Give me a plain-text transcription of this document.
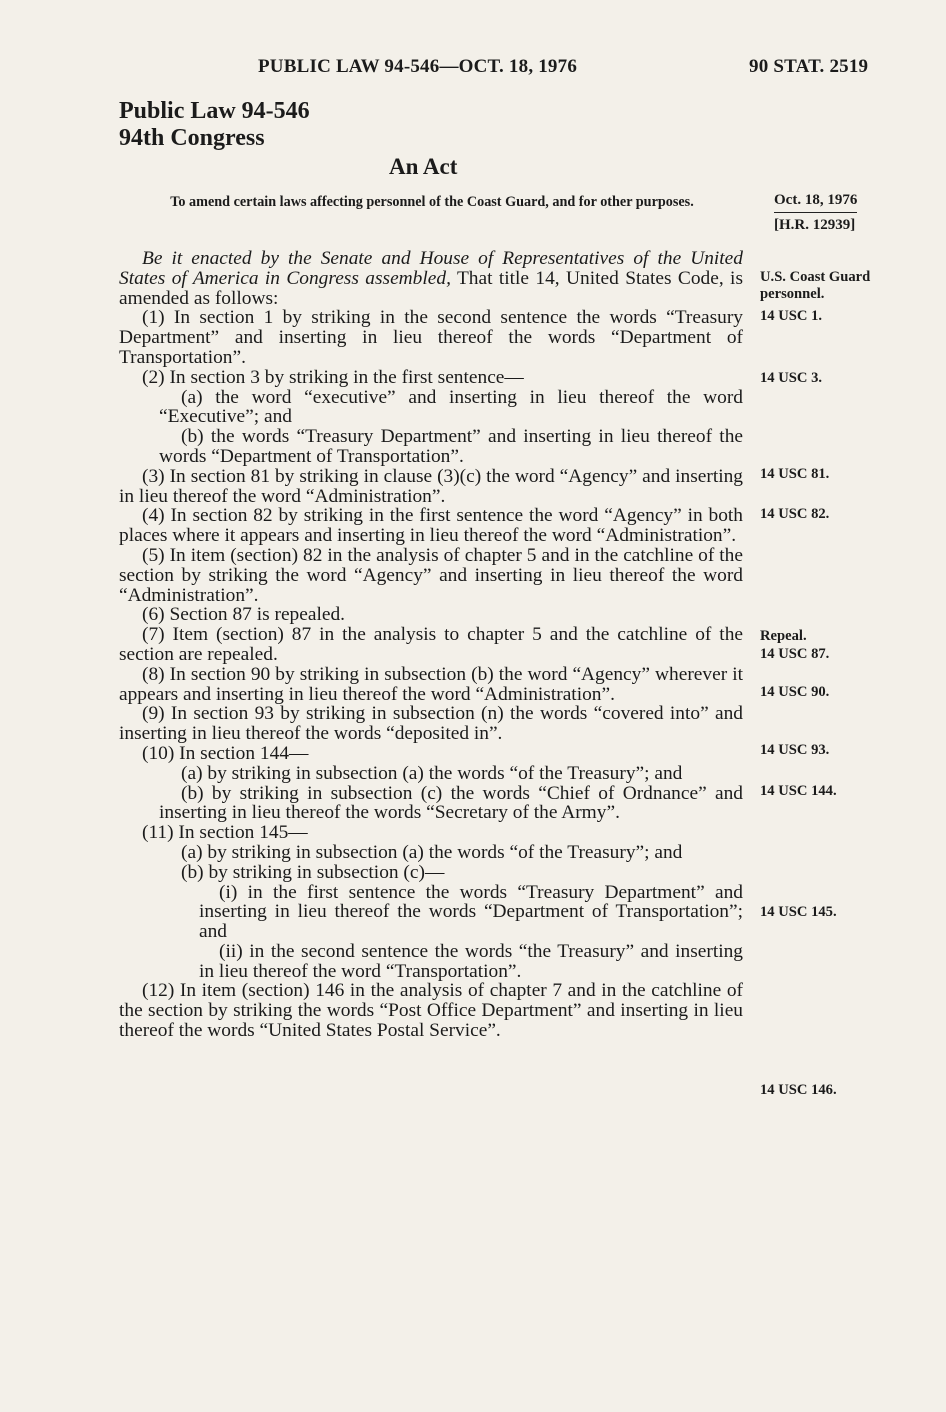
PUBLIC LAW 94-546—OCT. 18, 1976	90 STAT. 2519
Public Law 94-546
94th Congress
An Act
To amend certain laws affecting personnel of the Coast Guard, and for other purposes.	Oct. 18, 1976
[H.R. 12939]

Be it enacted by the Senate and House of Representatives of the United States of America in Congress assembled, That title 14, United States Code, is amended as follows:

(1) In section 1 by striking in the second sentence the words “Treasury Department” and inserting in lieu thereof the words “Department of Transportation”.

(2) In section 3 by striking in the first sentence—

(a) the word “executive” and inserting in lieu thereof the word “Executive”; and

(b) the words “Treasury Department” and inserting in lieu thereof the words “Department of Transportation”.

(3) In section 81 by striking in clause (3)(c) the word “Agency” and inserting in lieu thereof the word “Administration”.

(4) In section 82 by striking in the first sentence the word “Agency” in both places where it appears and inserting in lieu thereof the word “Administration”.

(5) In item (section) 82 in the analysis of chapter 5 and in the catchline of the section by striking the word “Agency” and inserting in lieu thereof the word “Administration”.

(6) Section 87 is repealed.

(7) Item (section) 87 in the analysis to chapter 5 and the catchline of the section are repealed.

(8) In section 90 by striking in subsection (b) the word “Agency” wherever it appears and inserting in lieu thereof the word “Administration”.

(9) In section 93 by striking in subsection (n) the words “covered into” and inserting in lieu thereof the words “deposited in”.

(10) In section 144—

(a) by striking in subsection (a) the words “of the Treasury”; and

(b) by striking in subsection (c) the words “Chief of Ordnance” and inserting in lieu thereof the words “Secretary of the Army”.

(11) In section 145—

(a) by striking in subsection (a) the words “of the Treasury”; and

(b) by striking in subsection (c)—

(i) in the first sentence the words “Treasury Department” and inserting in lieu thereof the words “Department of Transportation”; and

(ii) in the second sentence the words “the Treasury” and inserting in lieu thereof the word “Transportation”.

(12) In item (section) 146 in the analysis of chapter 7 and in the catchline of the section by striking the words “Post Office Department” and inserting in lieu thereof the words “United States Postal Service”.

U.S. Coast Guard
personnel.
14 USC 1.
14 USC 3.
14 USC 81.
14 USC 82.
Repeal.
14 USC 87.
14 USC 90.
14 USC 93.
14 USC 144.
14 USC 145.
14 USC 146.
